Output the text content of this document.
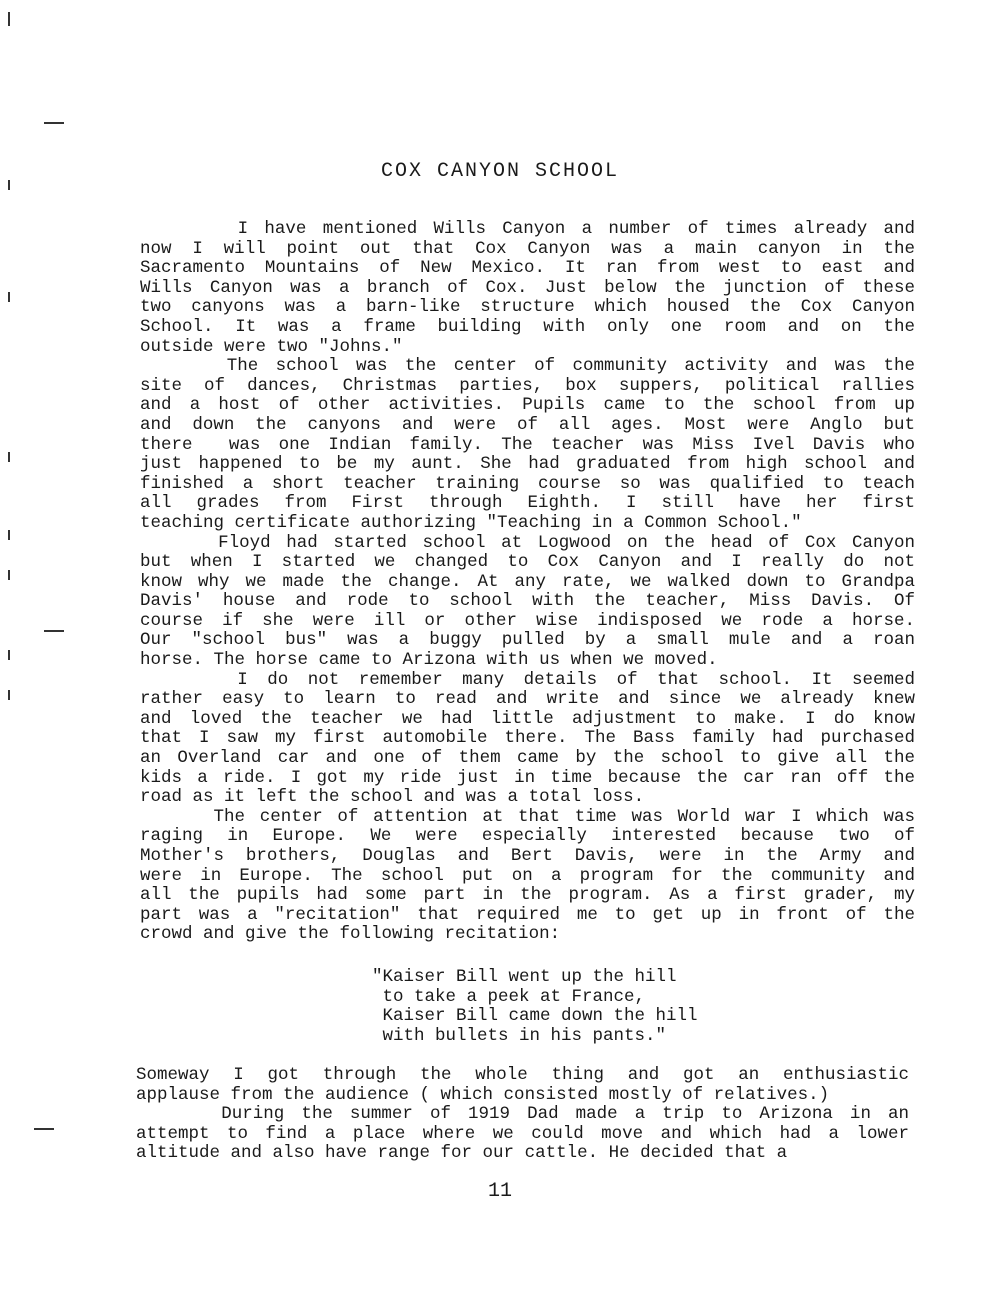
COX CANYON SCHOOL
I have mentioned Wills Canyon a number of times already and
now I will point out that Cox Canyon was a main canyon in the
Sacramento Mountains of New Mexico. It ran from west to east and
Wills Canyon was a branch of Cox. Just below the junction of these
two canyons was a barn-like structure which housed the Cox Canyon
School. It was a frame building with only one room and on the
outside were two "Johns."
The school was the center of community activity and was the
site of dances, Christmas parties, box suppers, political rallies
and a host of other activities. Pupils came to the school from up
and down the canyons and were of all ages. Most were Anglo but
there  was one Indian family. The teacher was Miss Ivel Davis who
just happened to be my aunt. She had graduated from high school and
finished a short teacher training course so was qualified to teach
all grades from First through Eighth. I still have her first
teaching certificate authorizing "Teaching in a Common School."
Floyd had started school at Logwood on the head of Cox Canyon
but when I started we changed to Cox Canyon and I really do not
know why we made the change. At any rate, we walked down to Grandpa
Davis' house and rode to school with the teacher, Miss Davis. Of
course if she were ill or other wise indisposed we rode a horse.
Our "school bus" was a buggy pulled by a small mule and a roan
horse. The horse came to Arizona with us when we moved.
I do not remember many details of that school. It seemed
rather easy to learn to read and write and since we already knew
and loved the teacher we had little adjustment to make. I do know
that I saw my first automobile there. The Bass family had purchased
an Overland car and one of them came by the school to give all the
kids a ride. I got my ride just in time because the car ran off the
road as it left the school and was a total loss.
The center of attention at that time was World war I which was
raging in Europe. We were especially interested because two of
Mother's brothers, Douglas and Bert Davis, were in the Army and
were in Europe. The school put on a program for the community and
all the pupils had some part in the program. As a first grader, my
part was a "recitation" that required me to get up in front of the
crowd and give the following recitation:
"Kaiser Bill went up the hill
to take a peek at France,
Kaiser Bill came down the hill
with bullets in his pants."
Someway I got through the whole thing and got an enthusiastic
applause from the audience ( which consisted mostly of relatives.)
During the summer of 1919 Dad made a trip to Arizona in an
attempt to find a place where we could move and which had a lower
altitude and also have range for our cattle. He decided that a
11
